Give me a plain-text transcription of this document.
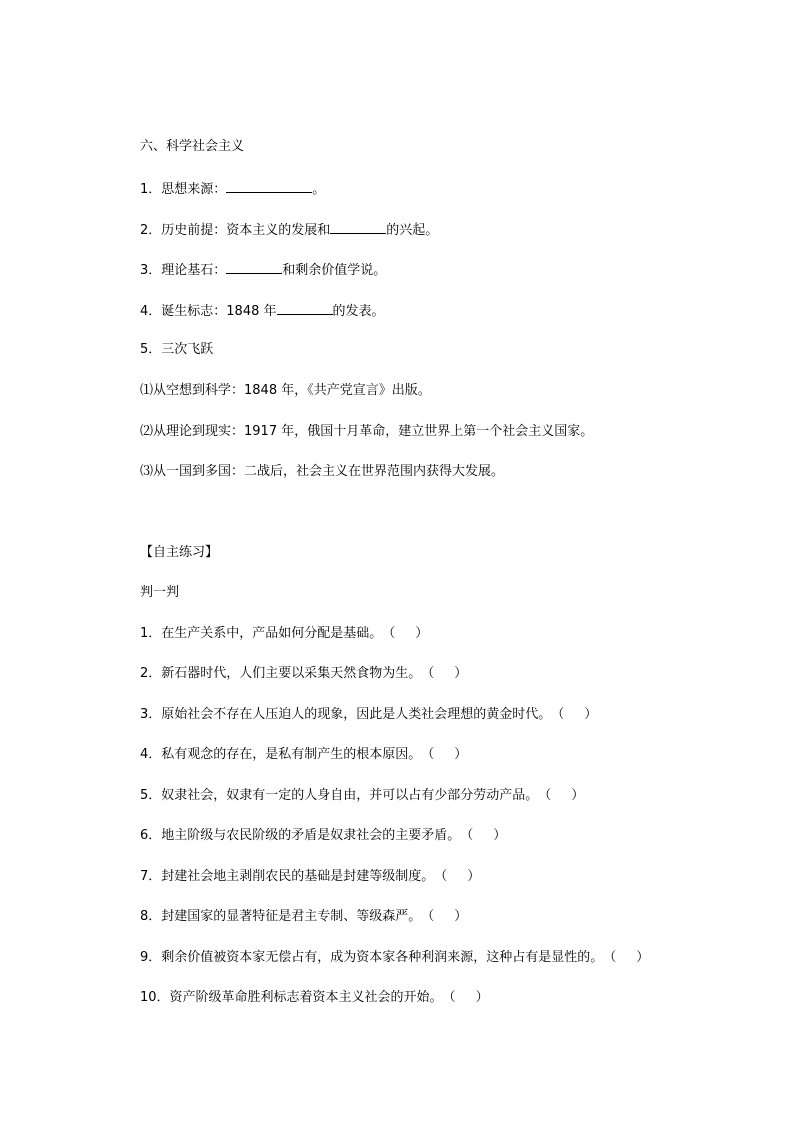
六、科学社会主义
1．思想来源：	。
2．历史前提：资本主义的发展和	的兴起。
3．理论基石：	和剩余价值学说。
4．诞生标志：1848 年	的发表。
5．三次飞跃
⑴从空想到科学：1848 年，《共产党宣言》出版。
⑵从理论到现实：1917 年，俄国十月革命，建立世界上第一个社会主义国家。
⑶从一国到多国：二战后，社会主义在世界范围内获得大发展。
【自主练习】
判一判
1．在生产关系中，产品如何分配是基础。（ ）
2．新石器时代，人们主要以采集天然食物为生。（ ）
3．原始社会不存在人压迫人的现象，因此是人类社会理想的黄金时代。（ ）
4．私有观念的存在，是私有制产生的根本原因。（ ）
5．奴隶社会，奴隶有一定的人身自由，并可以占有少部分劳动产品。（ ）
6．地主阶级与农民阶级的矛盾是奴隶社会的主要矛盾。（ ）
7．封建社会地主剥削农民的基础是封建等级制度。（ ）
8．封建国家的显著特征是君主专制、等级森严。（ ）
9．剩余价值被资本家无偿占有，成为资本家各种利润来源，这种占有是显性的。（ ）
10．资产阶级革命胜利标志着资本主义社会的开始。（ ）
